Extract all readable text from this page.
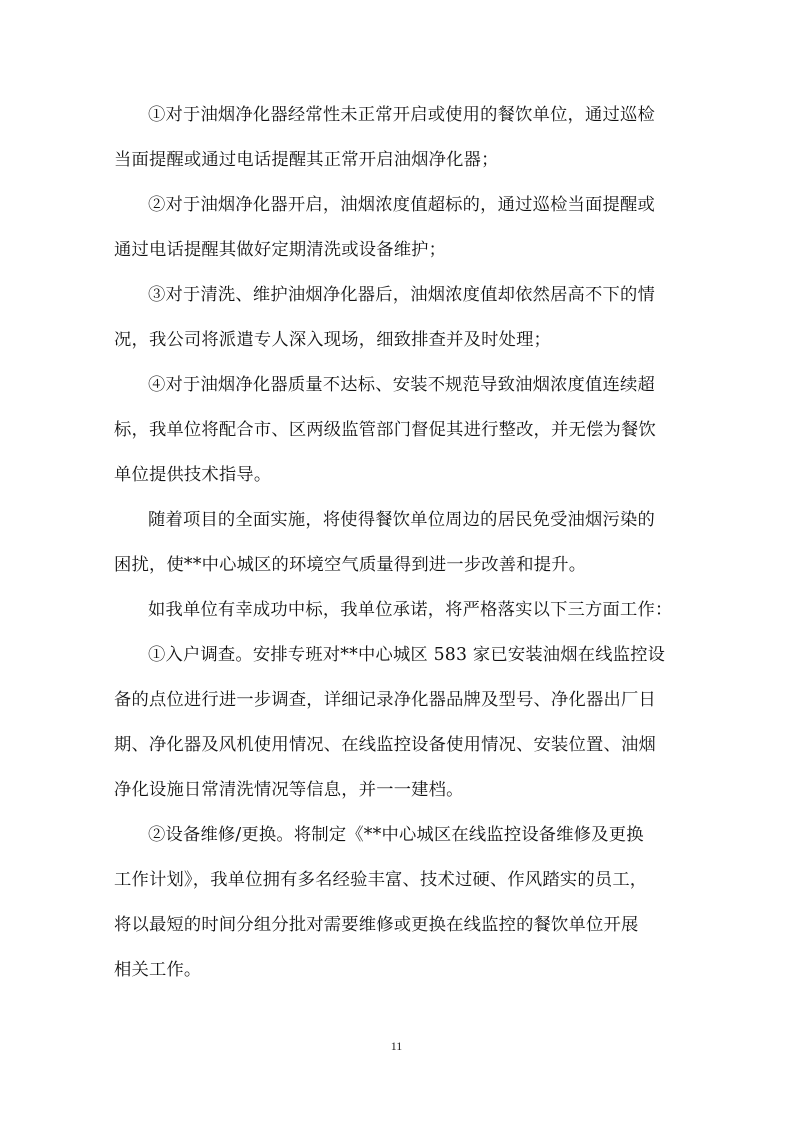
①对于油烟净化器经常性未正常开启或使用的餐饮单位，通过巡检
当面提醒或通过电话提醒其正常开启油烟净化器；
②对于油烟净化器开启，油烟浓度值超标的，通过巡检当面提醒或
通过电话提醒其做好定期清洗或设备维护；
③对于清洗、维护油烟净化器后，油烟浓度值却依然居高不下的情
况，我公司将派遣专人深入现场，细致排查并及时处理；
④对于油烟净化器质量不达标、安装不规范导致油烟浓度值连续超
标，我单位将配合市、区两级监管部门督促其进行整改，并无偿为餐饮
单位提供技术指导。
随着项目的全面实施，将使得餐饮单位周边的居民免受油烟污染的
困扰，使**中心城区的环境空气质量得到进一步改善和提升。
如我单位有幸成功中标，我单位承诺，将严格落实以下三方面工作：
①入户调查。安排专班对**中心城区 583 家已安装油烟在线监控设
备的点位进行进一步调查，详细记录净化器品牌及型号、净化器出厂日
期、净化器及风机使用情况、在线监控设备使用情况、安装位置、油烟
净化设施日常清洗情况等信息，并一一建档。
②设备维修/更换。将制定《**中心城区在线监控设备维修及更换
工作计划》，我单位拥有多名经验丰富、技术过硬、作风踏实的员工，
将以最短的时间分组分批对需要维修或更换在线监控的餐饮单位开展
相关工作。
11
